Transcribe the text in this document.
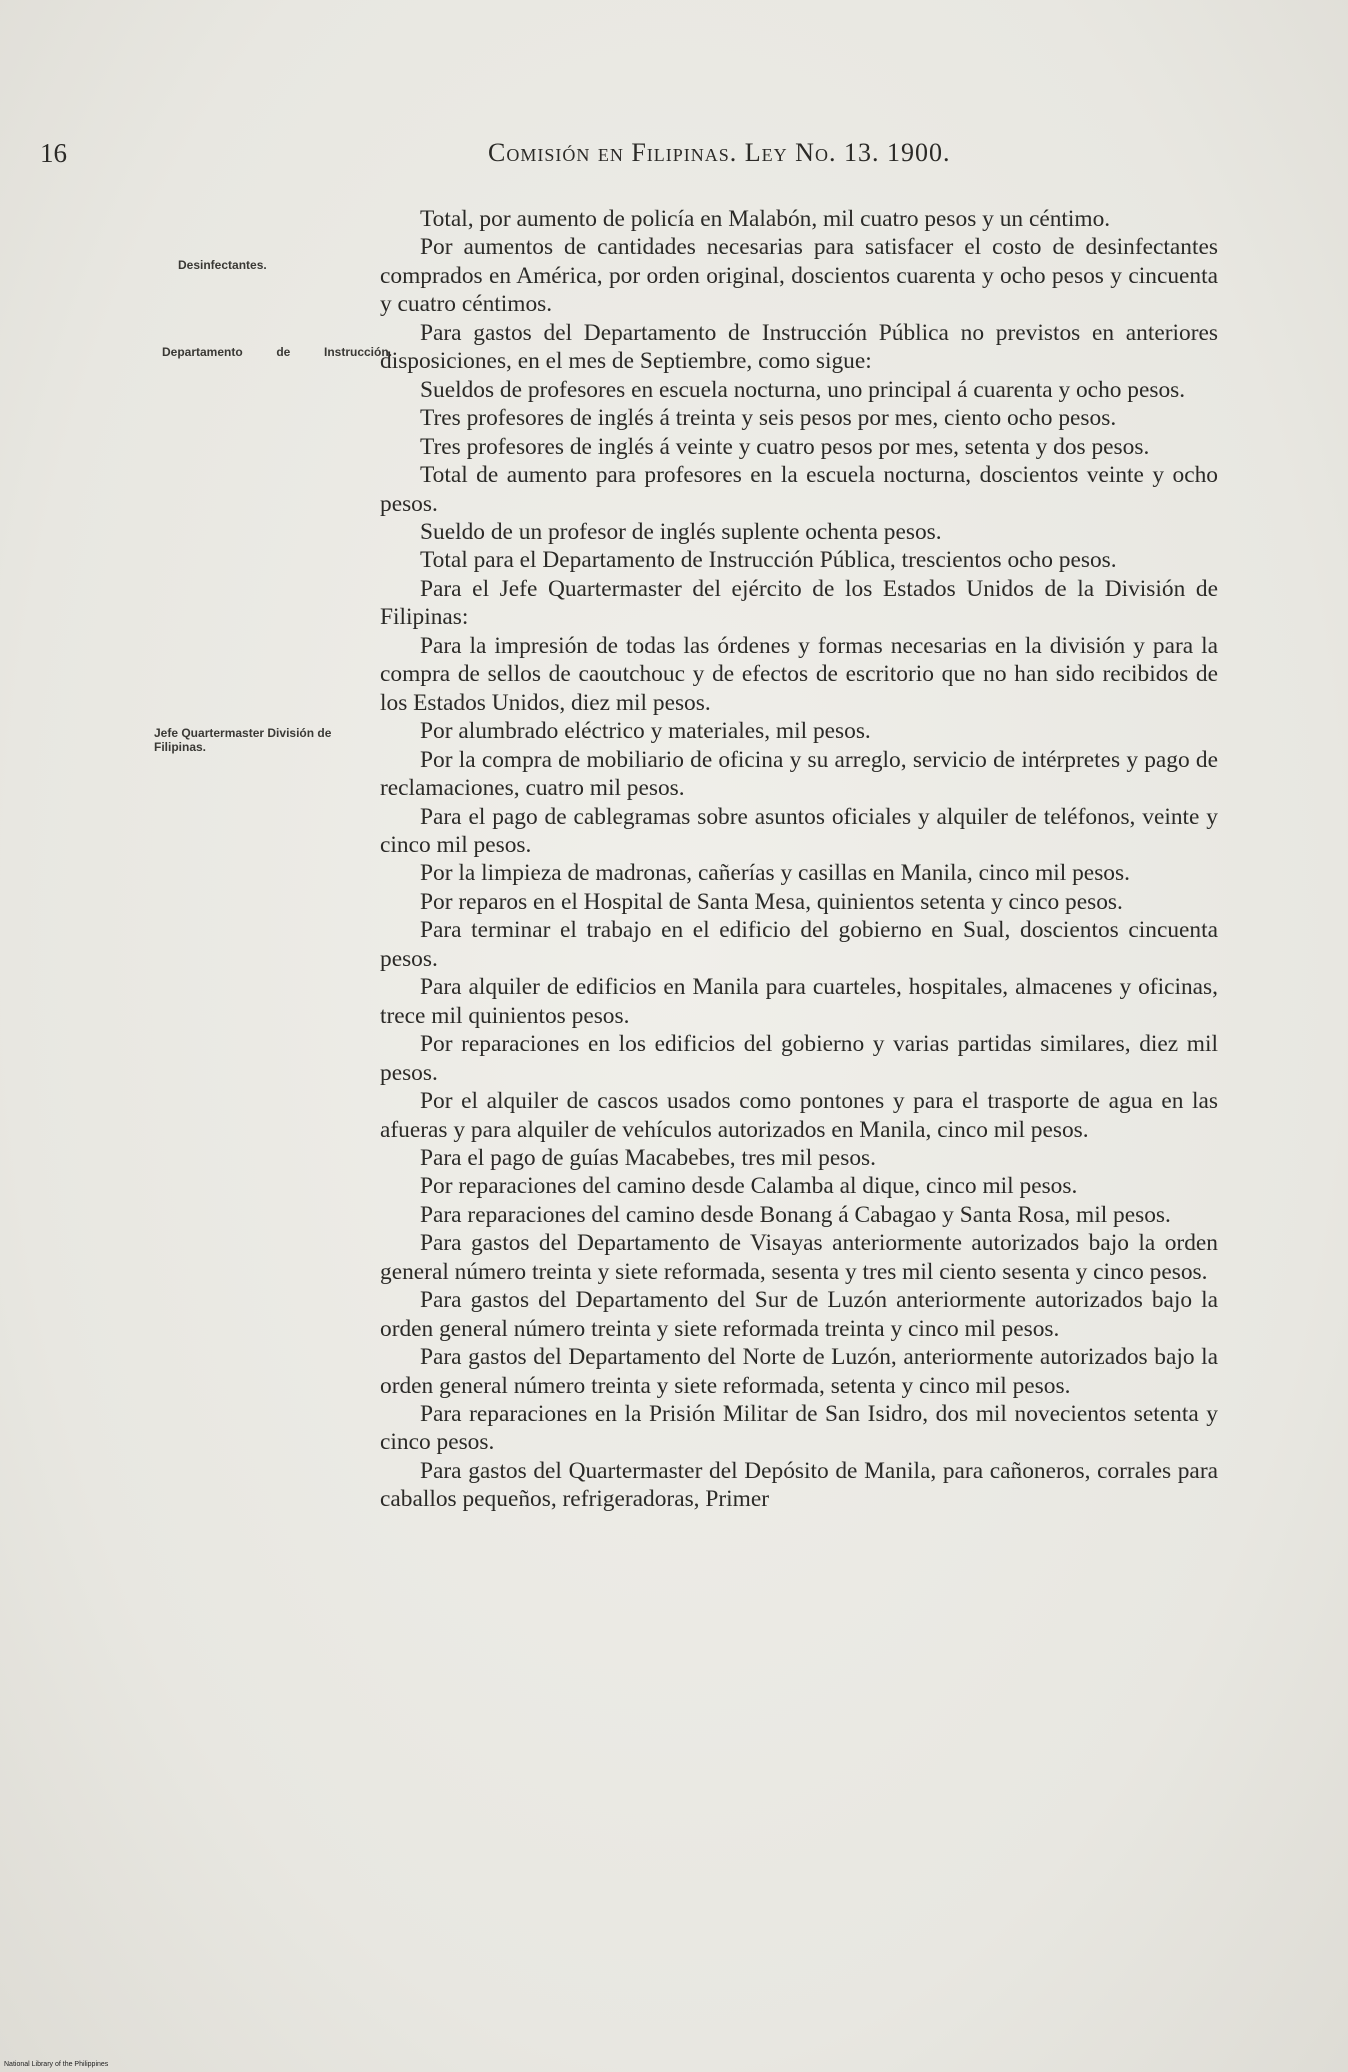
16	Comisión en Filipinas. Ley No. 13. 1900.
Desinfectantes.
Departamento de Instrucción.
Jefe Quartermaster División de Filipinas.

Total, por aumento de policía en Malabón, mil cuatro pesos y un céntimo.

Por aumentos de cantidades necesarias para satisfacer el costo de desinfectantes comprados en América, por orden original, doscientos cuarenta y ocho pesos y cincuenta y cuatro céntimos.

Para gastos del Departamento de Instrucción Pública no previstos en anteriores disposiciones, en el mes de Septiembre, como sigue:

Sueldos de profesores en escuela nocturna, uno principal á cuarenta y ocho pesos.

Tres profesores de inglés á treinta y seis pesos por mes, ciento ocho pesos.

Tres profesores de inglés á veinte y cuatro pesos por mes, setenta y dos pesos.

Total de aumento para profesores en la escuela nocturna, doscientos veinte y ocho pesos.

Sueldo de un profesor de inglés suplente ochenta pesos.

Total para el Departamento de Instrucción Pública, trescientos ocho pesos.

Para el Jefe Quartermaster del ejército de los Estados Unidos de la División de Filipinas:

Para la impresión de todas las órdenes y formas necesarias en la división y para la compra de sellos de caoutchouc y de efectos de escritorio que no han sido recibidos de los Estados Unidos, diez mil pesos.

Por alumbrado eléctrico y materiales, mil pesos.

Por la compra de mobiliario de oficina y su arreglo, servicio de intérpretes y pago de reclamaciones, cuatro mil pesos.

Para el pago de cablegramas sobre asuntos oficiales y alquiler de teléfonos, veinte y cinco mil pesos.

Por la limpieza de madronas, cañerías y casillas en Manila, cinco mil pesos.

Por reparos en el Hospital de Santa Mesa, quinientos setenta y cinco pesos.

Para terminar el trabajo en el edificio del gobierno en Sual, doscientos cincuenta pesos.

Para alquiler de edificios en Manila para cuarteles, hospitales, almacenes y oficinas, trece mil quinientos pesos.

Por reparaciones en los edificios del gobierno y varias partidas similares, diez mil pesos.

Por el alquiler de cascos usados como pontones y para el trasporte de agua en las afueras y para alquiler de vehículos autorizados en Manila, cinco mil pesos.

Para el pago de guías Macabebes, tres mil pesos.

Por reparaciones del camino desde Calamba al dique, cinco mil pesos.

Para reparaciones del camino desde Bonang á Cabagao y Santa Rosa, mil pesos.

Para gastos del Departamento de Visayas anteriormente autorizados bajo la orden general número treinta y siete reformada, sesenta y tres mil ciento sesenta y cinco pesos.

Para gastos del Departamento del Sur de Luzón anteriormente autorizados bajo la orden general número treinta y siete reformada treinta y cinco mil pesos.

Para gastos del Departamento del Norte de Luzón, anteriormente autorizados bajo la orden general número treinta y siete reformada, setenta y cinco mil pesos.

Para reparaciones en la Prisión Militar de San Isidro, dos mil novecientos setenta y cinco pesos.

Para gastos del Quartermaster del Depósito de Manila, para cañoneros, corrales para caballos pequeños, refrigeradoras, Primer

National Library of the Philippines
